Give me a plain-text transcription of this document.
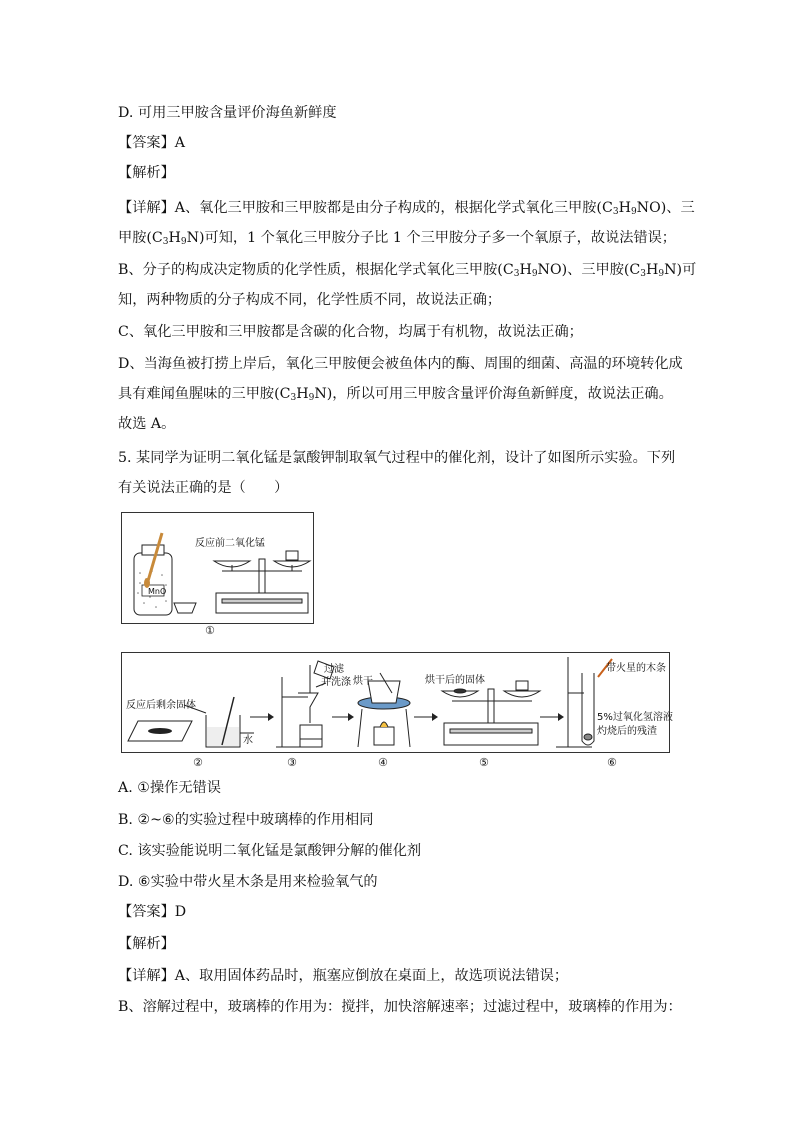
D. 可用三甲胺含量评价海鱼新鲜度
【答案】A
【解析】
【详解】A、氧化三甲胺和三甲胺都是由分子构成的，根据化学式氧化三甲胺$(C_3H_9NO)$、三
甲胺$(C_3H_9N)$可知，1 个氧化三甲胺分子比 1 个三甲胺分子多一个氧原子，故说法错误；
B、分子的构成决定物质的化学性质，根据化学式氧化三甲胺$(C_3H_9NO)$、三甲胺$(C_3H_9N)$可
知，两种物质的分子构成不同，化学性质不同，故说法正确；
C、氧化三甲胺和三甲胺都是含碳的化合物，均属于有机物，故说法正确；
D、当海鱼被打捞上岸后，氧化三甲胺便会被鱼体内的酶、周围的细菌、高温的环境转化成
具有难闻鱼腥味的三甲胺$(C_3H_9N)$，所以可用三甲胺含量评价海鱼新鲜度，故说法正确。
故选 A。
5. 某同学为证明二氧化锰是氯酸钾制取氧气过程中的催化剂，设计了如图所示实验。下列
有关说法正确的是（　　）
反应前二氧化锰
MnO
①
反应后剩余固体
水
过滤
并洗涤 烘干	烘干后的固体
带火星的木条
5%过氧化氢溶液
灼烧后的残渣
②	③	④	⑤	⑥
A. ①操作无错误
B. ②~⑥的实验过程中玻璃棒的作用相同
C. 该实验能说明二氧化锰是氯酸钾分解的催化剂
D. ⑥实验中带火星木条是用来检验氧气的
【答案】D
【解析】
【详解】A、取用固体药品时，瓶塞应倒放在桌面上，故选项说法错误；
B、溶解过程中，玻璃棒的作用为：搅拌，加快溶解速率；过滤过程中，玻璃棒的作用为：
